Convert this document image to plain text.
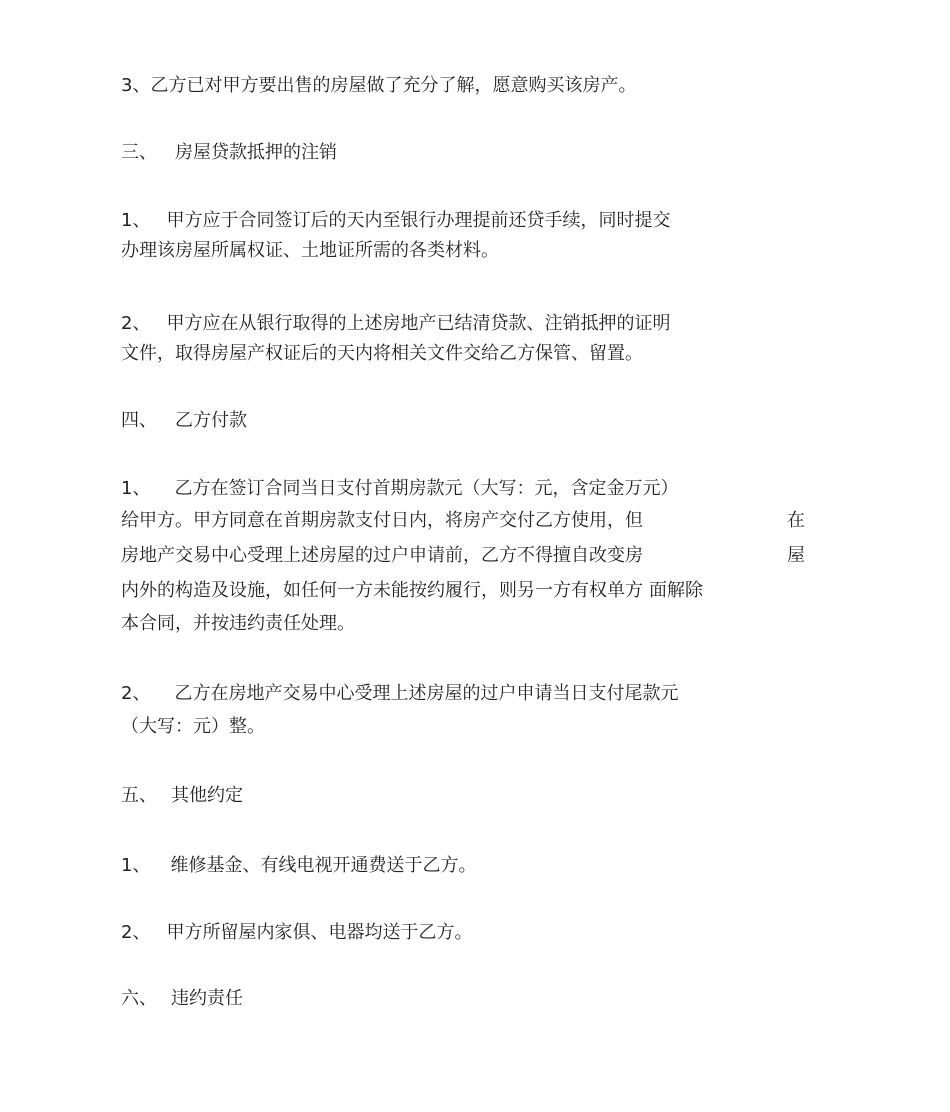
3、乙方已对甲方要出售的房屋做了充分了解，愿意购买该房产。

三、 房屋贷款抵押的注销

1、 甲方应于合同签订后的天内至银行办理提前还贷手续，同时提交

办理该房屋所属权证、土地证所需的各类材料。

2、 甲方应在从银行取得的上述房地产已结清贷款、注销抵押的证明

文件，取得房屋产权证后的天内将相关文件交给乙方保管、留置。

四、 乙方付款

1、 乙方在签订合同当日支付首期房款元（大写：元，含定金万元）

给甲方。甲方同意在首期房款支付日内，将房产交付乙方使用，但	在

房地产交易中心受理上述房屋的过户申请前，乙方不得擅自改变房	屋

内外的构造及设施，如任何一方未能按约履行，则另一方有权单方 面解除

本合同，并按违约责任处理。

2、 乙方在房地产交易中心受理上述房屋的过户申请当日支付尾款元

（大写：元）整。

五、 其他约定

1、 维修基金、有线电视开通费送于乙方。

2、 甲方所留屋内家俱、电器均送于乙方。

六、 违约责任
